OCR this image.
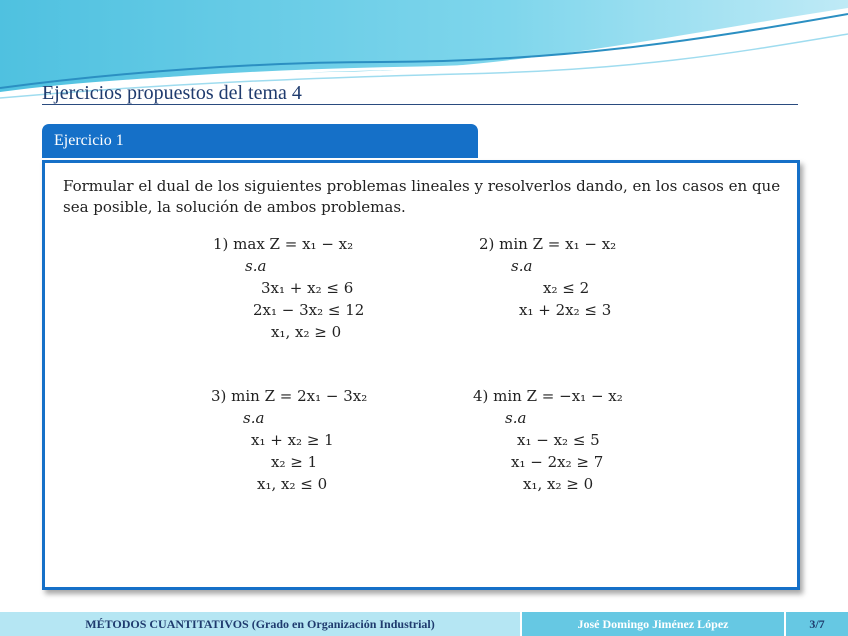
Ejercicios propuestos del tema 4
Ejercicio 1
Formular el dual de los siguientes problemas lineales y resolverlos dando, en los casos en que sea posible, la solución de ambos problemas.
1) max Z = x₁ − x₂
s.a
3x₁ + x₂ ≤ 6
2x₁ − 3x₂ ≤ 12
x₁, x₂ ≥ 0
2) min Z = x₁ − x₂
s.a
x₂ ≤ 2
x₁ + 2x₂ ≤ 3
3) min Z = 2x₁ − 3x₂
s.a
x₁ + x₂ ≥ 1
x₂ ≥ 1
x₁, x₂ ≤ 0
4) min Z = −x₁ − x₂
s.a
x₁ − x₂ ≤ 5
x₁ − 2x₂ ≥ 7
x₁, x₂ ≥ 0
MÉTODOS CUANTITATIVOS (Grado en Organización Industrial)	José Domingo Jiménez López	3/7
